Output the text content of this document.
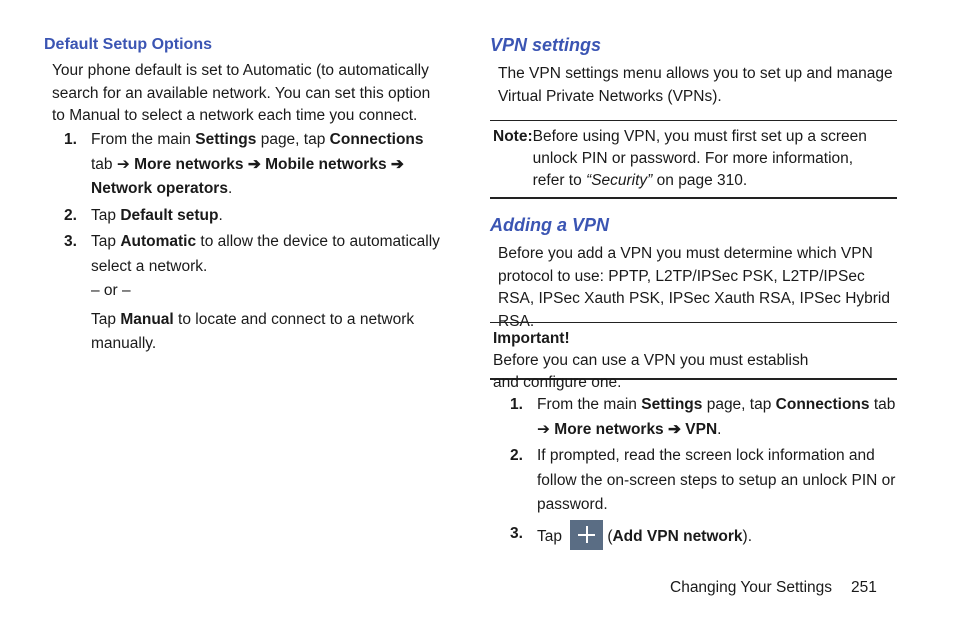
Default Setup Options
Your phone default is set to Automatic (to automatically search for an available network. You can set this option to Manual to select a network each time you connect.
1. From the main Settings page, tap Connections tab ➔ More networks ➔ Mobile networks ➔ Network operators.
2. Tap Default setup.
3. Tap Automatic to allow the device to automatically select a network.
– or –
Tap Manual to locate and connect to a network manually.
VPN settings
The VPN settings menu allows you to set up and manage Virtual Private Networks (VPNs).
Note:Before using VPN, you must first set up a screen unlock PIN or password. For more information, refer to “Security” on page 310.
Adding a VPN
Before you add a VPN you must determine which VPN protocol to use: PPTP, L2TP/IPSec PSK, L2TP/IPSec RSA, IPSec Xauth PSK, IPSec Xauth RSA, IPSec Hybrid RSA.
Important!Before you can use a VPN you must establish and configure one.
1. From the main Settings page, tap Connections tab ➔ More networks ➔ VPN.
2. If prompted, read the screen lock information and follow the on-screen steps to setup an unlock PIN or password.
3. Tap	(Add VPN network).
Changing Your Settings 251
